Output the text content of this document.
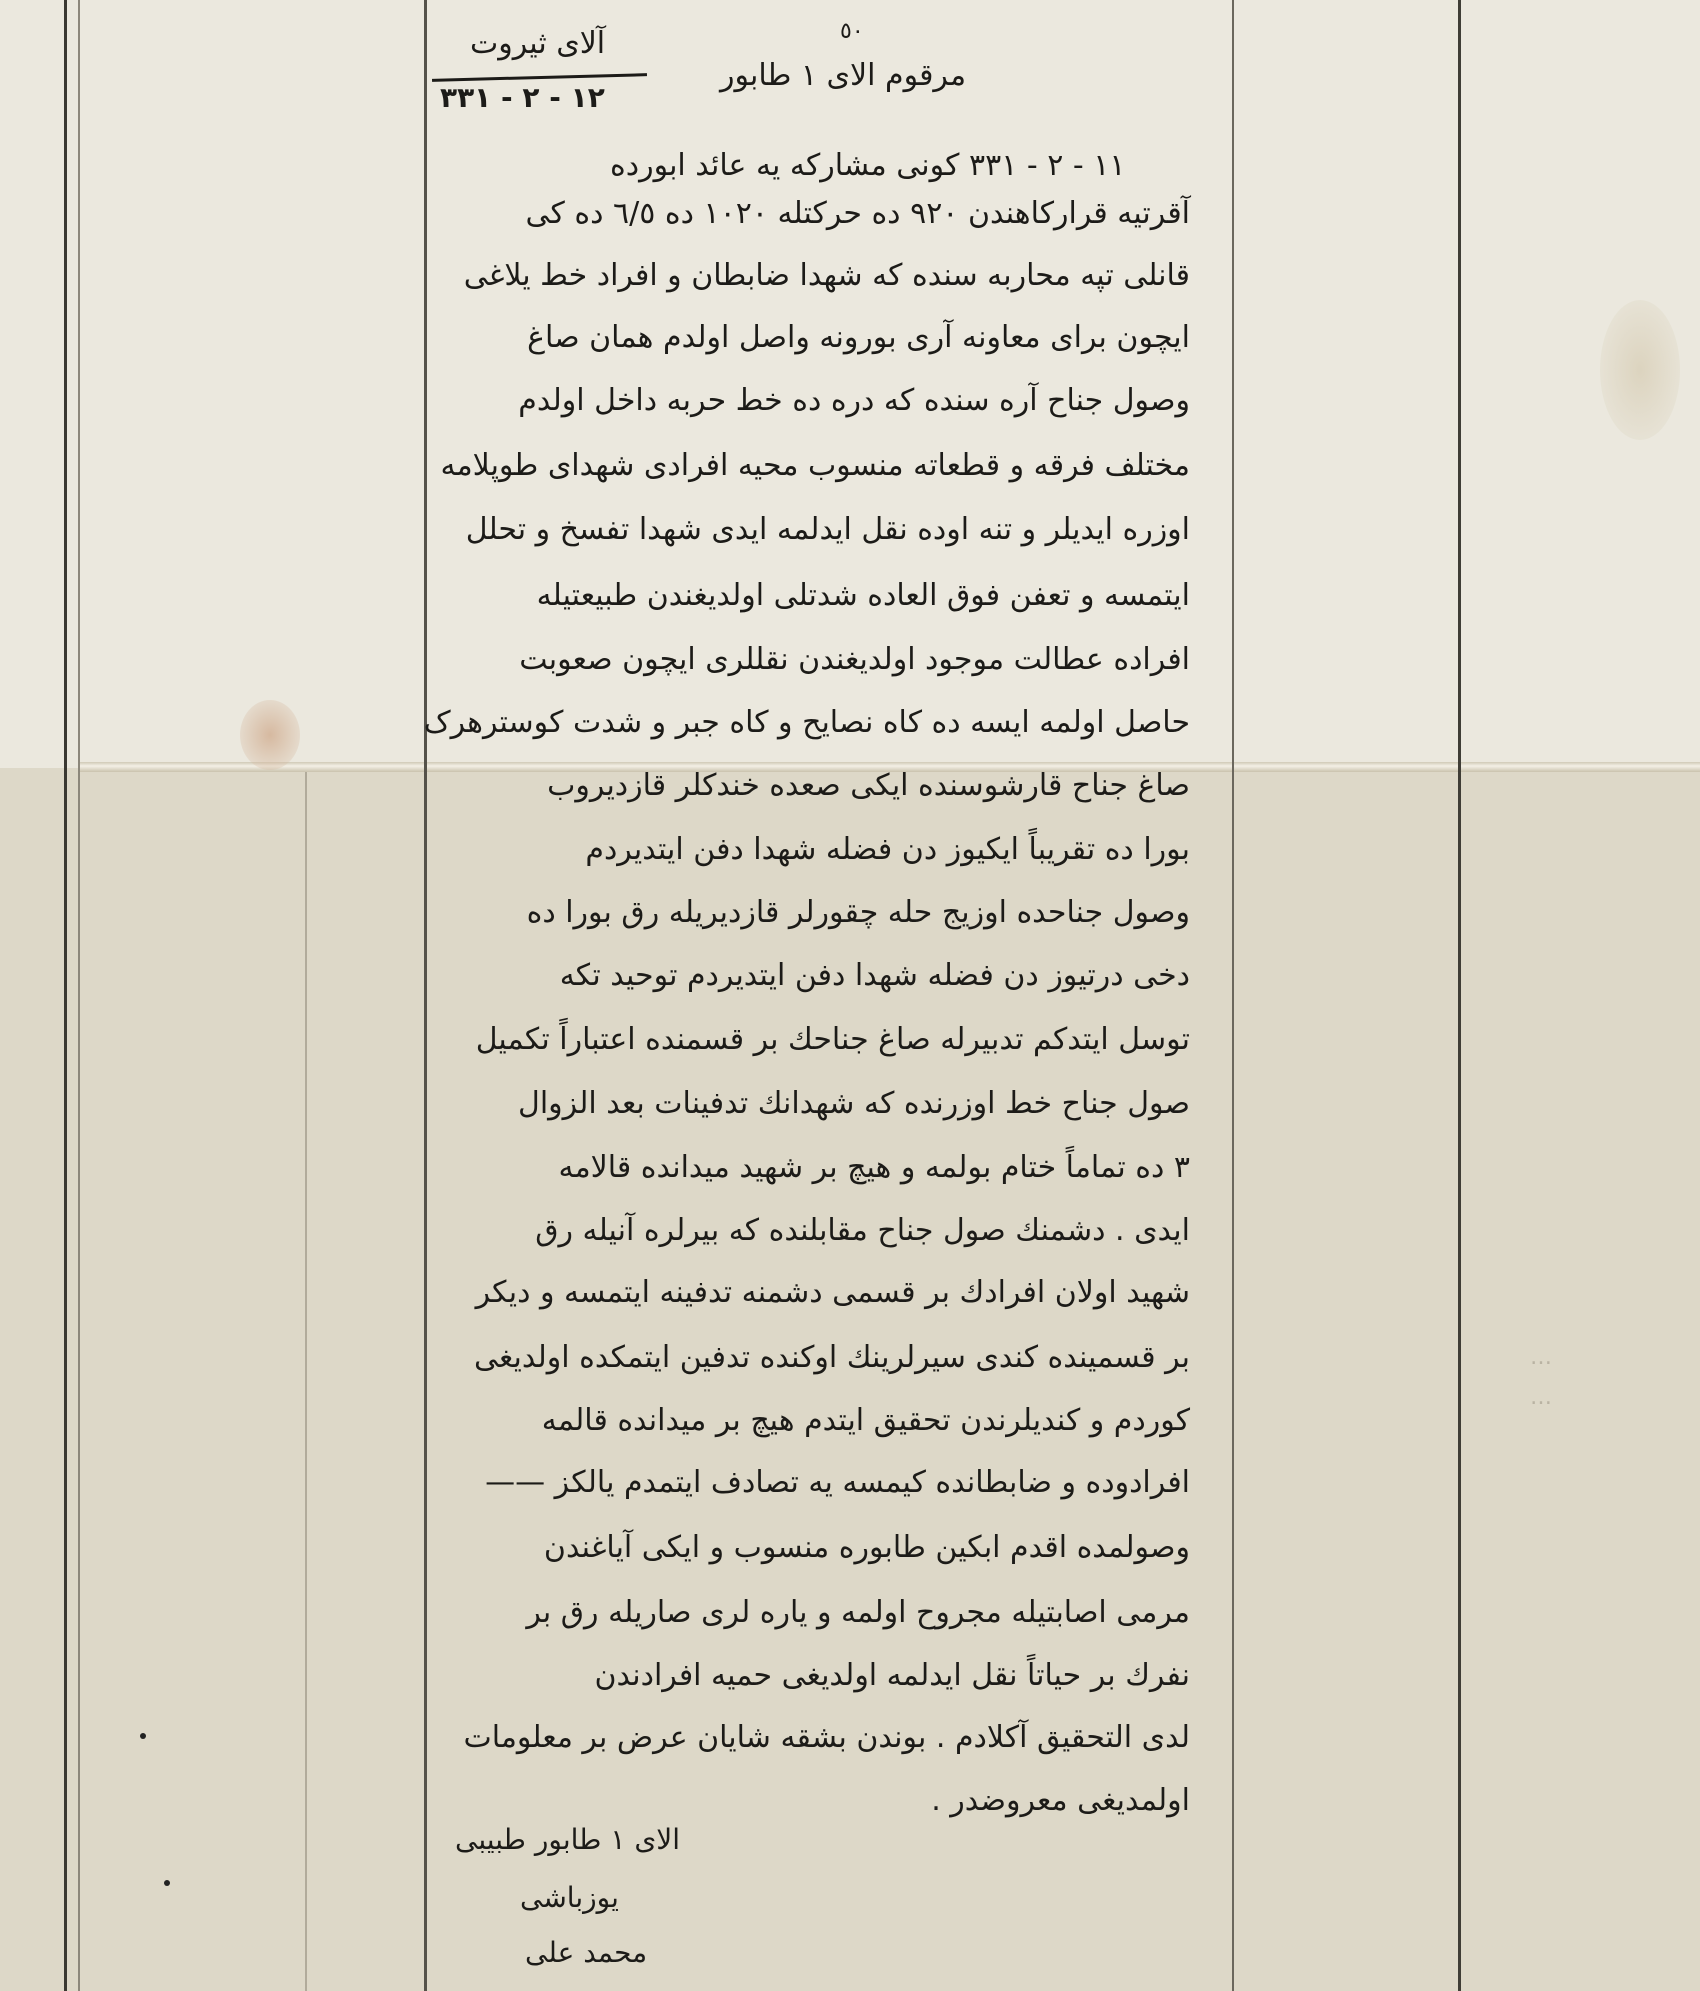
…
…
٥٠
آلای ثیروت
١٢ - ٢ - ٣٣١
مرقوم الای ١ طابور
١١ - ٢ - ٣٣١ کونی مشارکه یه عائد ابورده
الای ١ طابور طبیبی
یوزباشی
محمد علی
آقرتیه قرارکاهندن ٩٢٠ ده حرکتله ١٠٢٠ ده ٦/٥ ده کی
قانلی تپه محاربه سنده که شهدا ضابطان و افراد خط یلاغی
ایچون برای معاونه آری بورونه واصل اولدم همان صاغ
وصول جناح آره سنده که دره ده خط حربه داخل اولدم
مختلف فرقه و قطعاته منسوب محیه افرادی شهدای طوپلامه
اوزره ایدیلر و تنه اوده نقل ایدلمه ایدی شهدا تفسخ و تحلل
ایتمسه و تعفن فوق العاده شدتلی اولدیغندن طبیعتیله
افراده عطالت موجود اولدیغندن نقللری ایچون صعوبت
حاصل اولمه ایسه ده کاه نصایح و کاه جبر و شدت کوسترهرک
صاغ جناح قارشوسنده ایکی صعده خندکلر قازدیروب
بورا ده تقریباً ایکیوز دن فضله شهدا دفن ایتدیردم
وصول جناحده اوزیج حله چقورلر قازدیریله رق بورا ده
دخی درتیوز دن فضله شهدا دفن ایتدیردم توحید تکه
توسل ایتدکم تدبیرله صاغ جناحك بر قسمنده اعتباراً تکمیل
صول جناح خط اوزرنده که شهدانك تدفینات بعد الزوال
٣ ده تماماً ختام بولمه و هیچ بر شهید میدانده قالامه
ایدی . دشمنك صول جناح مقابلنده که بیرلره آنیله رق
شهید اولان افرادك بر قسمی دشمنه تدفینه ایتمسه و دیکر
بر قسمینده کندی سیرلرینك اوکنده تدفین ایتمکده اولدیغی
کوردم و کندیلرندن تحقیق ایتدم هیچ بر میدانده قالمه
افرادوده و ضابطانده کیمسه یه تصادف ایتمدم یالکز ——
وصولمده اقدم ابکین طابوره منسوب و ایکی آیاغندن
مرمی اصابتیله مجروح اولمه و یاره لری صاریله رق بر
نفرك بر حیاتاً نقل ایدلمه اولدیغی حمیه افرادندن
لدی التحقیق آکلادم . بوندن بشقه شایان عرض بر معلومات
اولمدیغی معروضدر .
